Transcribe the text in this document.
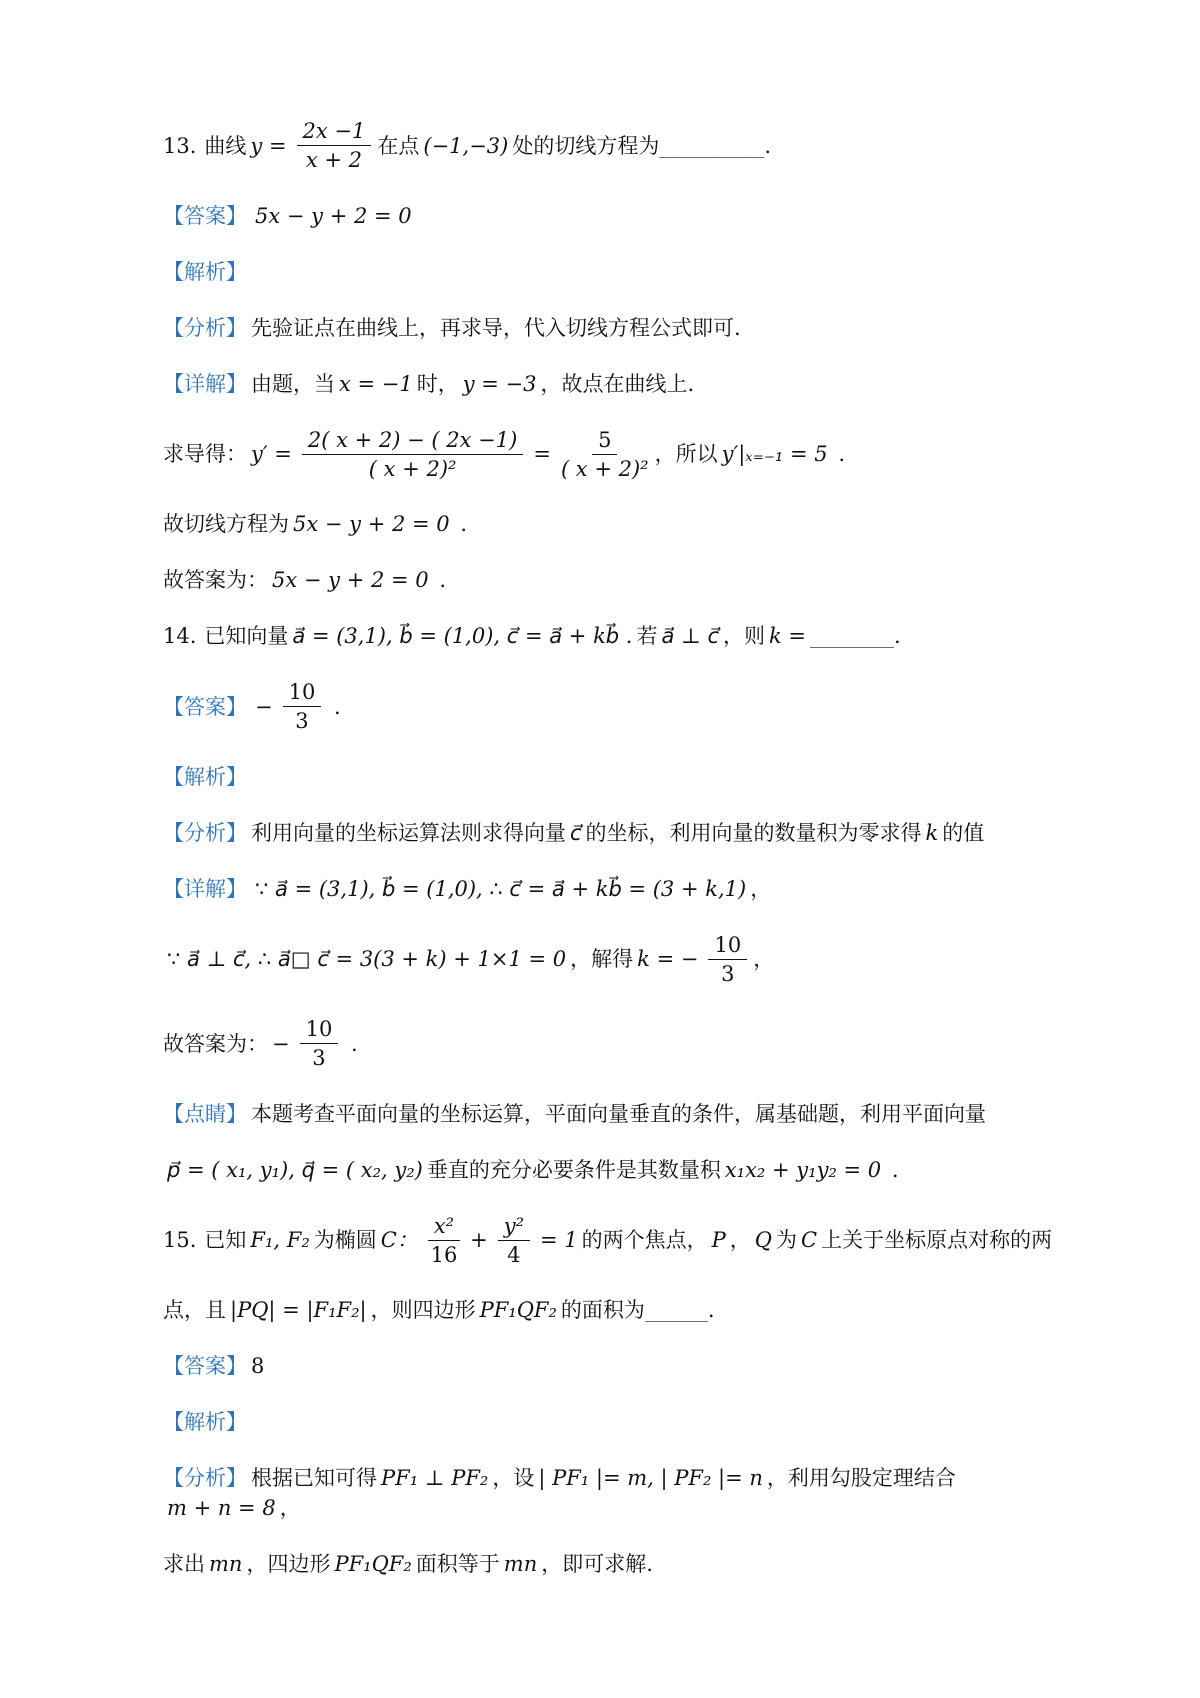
13. 曲线 $y = \frac{2x -1}{x + 2}$ 在点 (−1,−3) 处的切线方程为 __________ .
【答案】 5x − y + 2 = 0
【解析】
【分析】 先验证点在曲线上，再求导，代入切线方程公式即可.
【详解】 由题，当 x = −1 时， y = −3 ，故点在曲线上.
求导得： $y' = \frac{2( x + 2) - ( 2x -1)}{\text{( x + 2)²}} = \frac{5}{\text{( x + 2)²}}$ ，所以 y′|ₓ₌₋₁ = 5 .
故切线方程为 5x − y + 2 = 0 .
故答案为： 5x − y + 2 = 0 .
14. 已知向量 a⃗ = (3,1), b⃗ = (1,0), c⃗ = a⃗ + kb⃗ . 若 a⃗ ⊥ c⃗ ，则 k = ________ .
【答案】 − $\frac{10}{3}$ .
【解析】
【分析】 利用向量的坐标运算法则求得向量 c⃗ 的坐标，利用向量的数量积为零求得 k 的值
【详解】 ∵ a⃗ = (3,1), b⃗ = (1,0), ∴ c⃗ = a⃗ + kb⃗ = (3 + k,1) ，
∵ a⃗ ⊥ c⃗, ∴ a⃗□ c⃗ = 3(3 + k) + 1×1 = 0 ，解得 k = − $\frac{10}{3}$ ，
故答案为： − $\frac{10}{3}$ .
【点睛】 本题考查平面向量的坐标运算，平面向量垂直的条件，属基础题，利用平面向量
p⃗ = ( x₁, y₁), q⃗ = ( x₂, y₂) 垂直的充分必要条件是其数量积 x₁x₂ + y₁y₂ = 0 .
15. 已知 F₁, F₂ 为椭圆 C： $\frac{\text{x²}}{16} + \frac{\text{y²}}{4} = 1$ 的两个焦点， P ， Q 为 C 上关于坐标原点对称的两
点，且 |PQ| = |F₁F₂| ，则四边形 PF₁QF₂ 的面积为 ______ .
【答案】 8
【解析】
【分析】 根据已知可得 PF₁ ⊥ PF₂ ，设 | PF₁ |= m, | PF₂ |= n ，利用勾股定理结合
m + n = 8 ，
求出 mn ，四边形 PF₁QF₂ 面积等于 mn ，即可求解.
